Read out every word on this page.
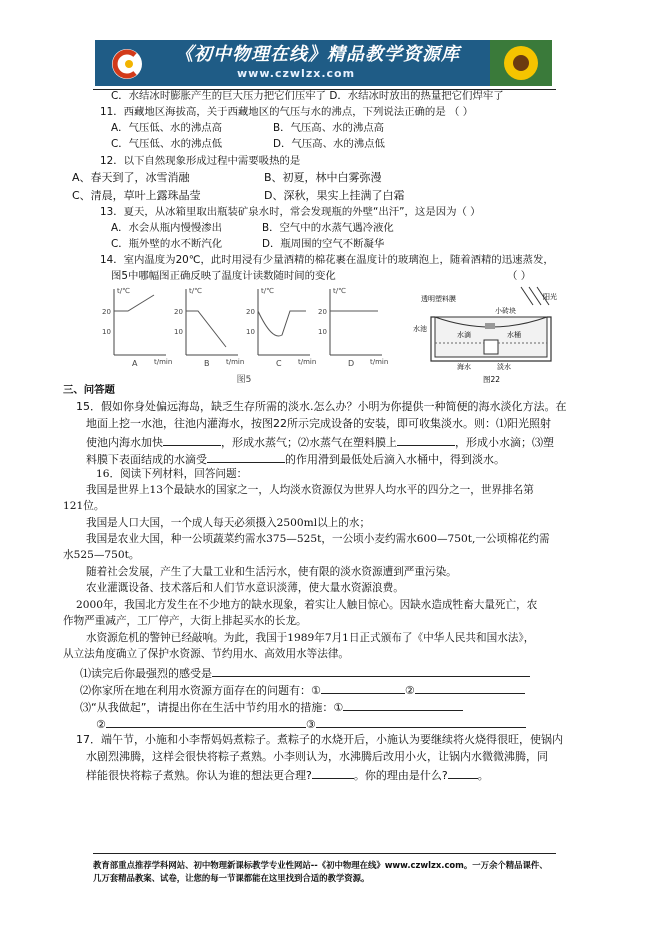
《初中物理在线》精品教学资源库
www.czwlzx.com
C．水结冰时膨胀产生的巨大压力把它们压牢了 D．水结冰时放出的热量把它们焊牢了
11．西藏地区海拔高，关于西藏地区的气压与水的沸点，下列说法正确的是 （ ）
A．气压低、水的沸点高	B．气压高、水的沸点高
C．气压低、水的沸点低	D．气压高、水的沸点低
12．以下自然现象形成过程中需要吸热的是
A、春天到了，冰雪消融	B、初夏，林中白雾弥漫
C、清晨，草叶上露珠晶莹	D、深秋，果实上挂满了白霜
13．夏天，从冰箱里取出瓶装矿泉水时，常会发现瓶的外壁“出汗”，这是因为（ ）
A．水会从瓶内慢慢渗出	B．空气中的水蒸气遇冷液化
C．瓶外壁的水不断汽化	D．瓶周围的空气不断凝华
14．室内温度为20℃，此时用浸有少量酒精的棉花裹在温度计的玻璃泡上，随着酒精的迅速蒸发，
图5中哪幅图正确反映了温度计读数随时间的变化	（ ）
20
10
t/℃
t/min
A
20
10
t/℃
t/min
B
20
10
t/℃
t/min
C
20
10
t/℃
t/min
D
图5
透明塑料膜
小砖块
阳光
水池
水滴	水桶
海水	淡水
图22
三、问答题
15．假如你身处偏远海岛，缺乏生存所需的淡水.怎么办？小明为你提供一种简便的海水淡化方法。在
地面上挖一水池，往池内灌海水，按图22所示完成设备的安装，即可收集淡水。则：⑴阳光照射
使池内海水加快	，形成水蒸气；⑵水蒸气在塑料膜上	，形成小水滴；⑶塑
料膜下表面结成的水滴受	的作用滑到最低处后滴入水桶中，得到淡水。
16．阅读下列材料，回答问题：
我国是世界上13个最缺水的国家之一，人均淡水资源仅为世界人均水平的四分之一，世界排名第
121位。
我国是人口大国，一个成人每天必须摄入2500ml以上的水；
我国是农业大国，种一公顷蔬菜约需水375—525t，一公顷小麦约需水600—750t,一公顷棉花约需
水525—750t。
随着社会发展，产生了大量工业和生活污水，使有限的淡水资源遭到严重污染。
农业灌溉设备、技术落后和人们节水意识淡薄，使大量水资源浪费。
2000年，我国北方发生在不少地方的缺水现象，着实让人触目惊心。因缺水造成牲畜大量死亡，农
作物严重减产，工厂停产，大街上排起买水的长龙。
水资源危机的警钟已经敲响。为此，我国于1989年7月1日正式颁布了《中华人民共和国水法》，
从立法角度确立了保护水资源、节约用水、高效用水等法律。
⑴读完后你最强烈的感受是
⑵你家所在地在利用水资源方面存在的问题有：①	②
⑶“从我做起”，请提出你在生活中节约用水的措施：①
②	③
17．端午节，小施和小李帮妈妈煮粽子。煮粽子的水烧开后，小施认为要继续将火烧得很旺，使锅内
水剧烈沸腾，这样会很快将粽子煮熟。小李则认为，水沸腾后改用小火，让锅内水微微沸腾，同
样能很快将粽子煮熟。你认为谁的想法更合理?	。你的理由是什么?	。
教育部重点推荐学科网站、初中物理新课标教学专业性网站--《初中物理在线》www.czwlzx.com。一万余个精品课件、
几万套精品教案、试卷，让您的每一节课都能在这里找到合适的教学资源。
